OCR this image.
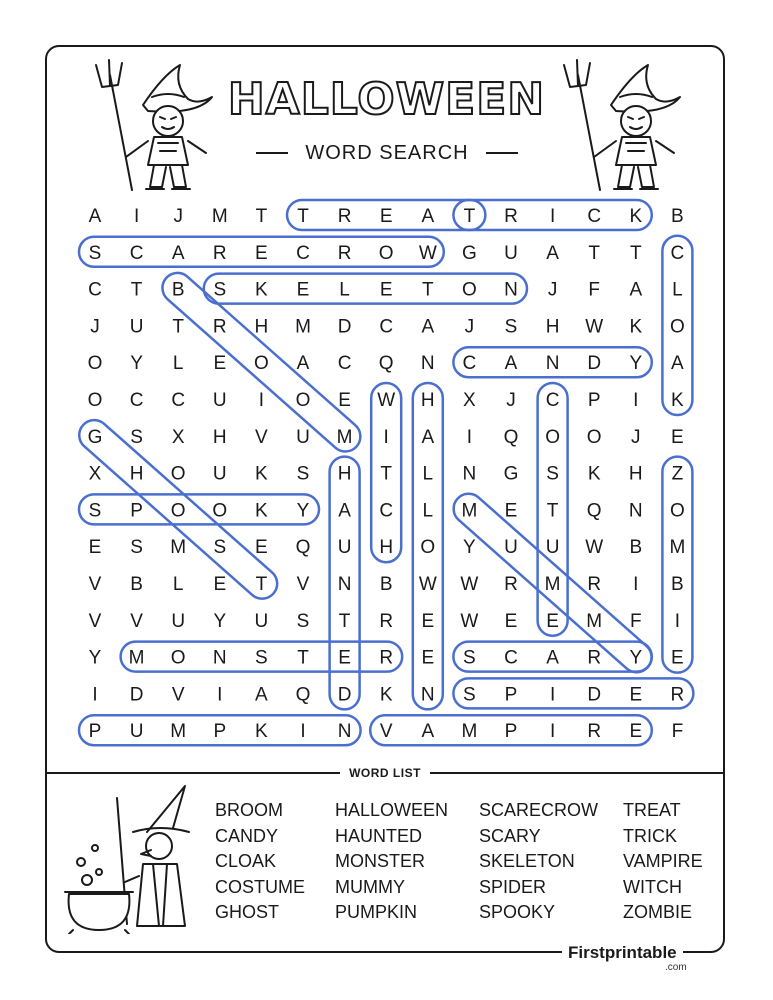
HALLOWEEN
WORD SEARCH
A I J M T T R E A T R I C K B
S C A R E C R O W G U A T T C
C T B S K E L E T O N J F A L
J U T R H M D C A J S H W K O
O Y L E O A C Q N C A N D Y A
O C C U I O E W H X J C P I K
G S X H V U M I A I Q O O J E
X H O U K S H T L N G S K H Z
S P O O K Y A C L M E T Q N O
E S M S E Q U H O Y U U W B M
V B L E T V N B W W R M R I B
V V U Y U S T R E W E E M F I
Y M O N S T E R E S C A R Y E
I D V I A Q D K N S P I D E R
P U M P K I N V A M P I R E F
WORD LIST
BROOM
CANDY
CLOAK
COSTUME
GHOST
HALLOWEEN
HAUNTED
MONSTER
MUMMY
PUMPKIN
SCARECROW
SCARY
SKELETON
SPIDER
SPOOKY
TREAT
TRICK
VAMPIRE
WITCH
ZOMBIE
Firstprintable
.com
